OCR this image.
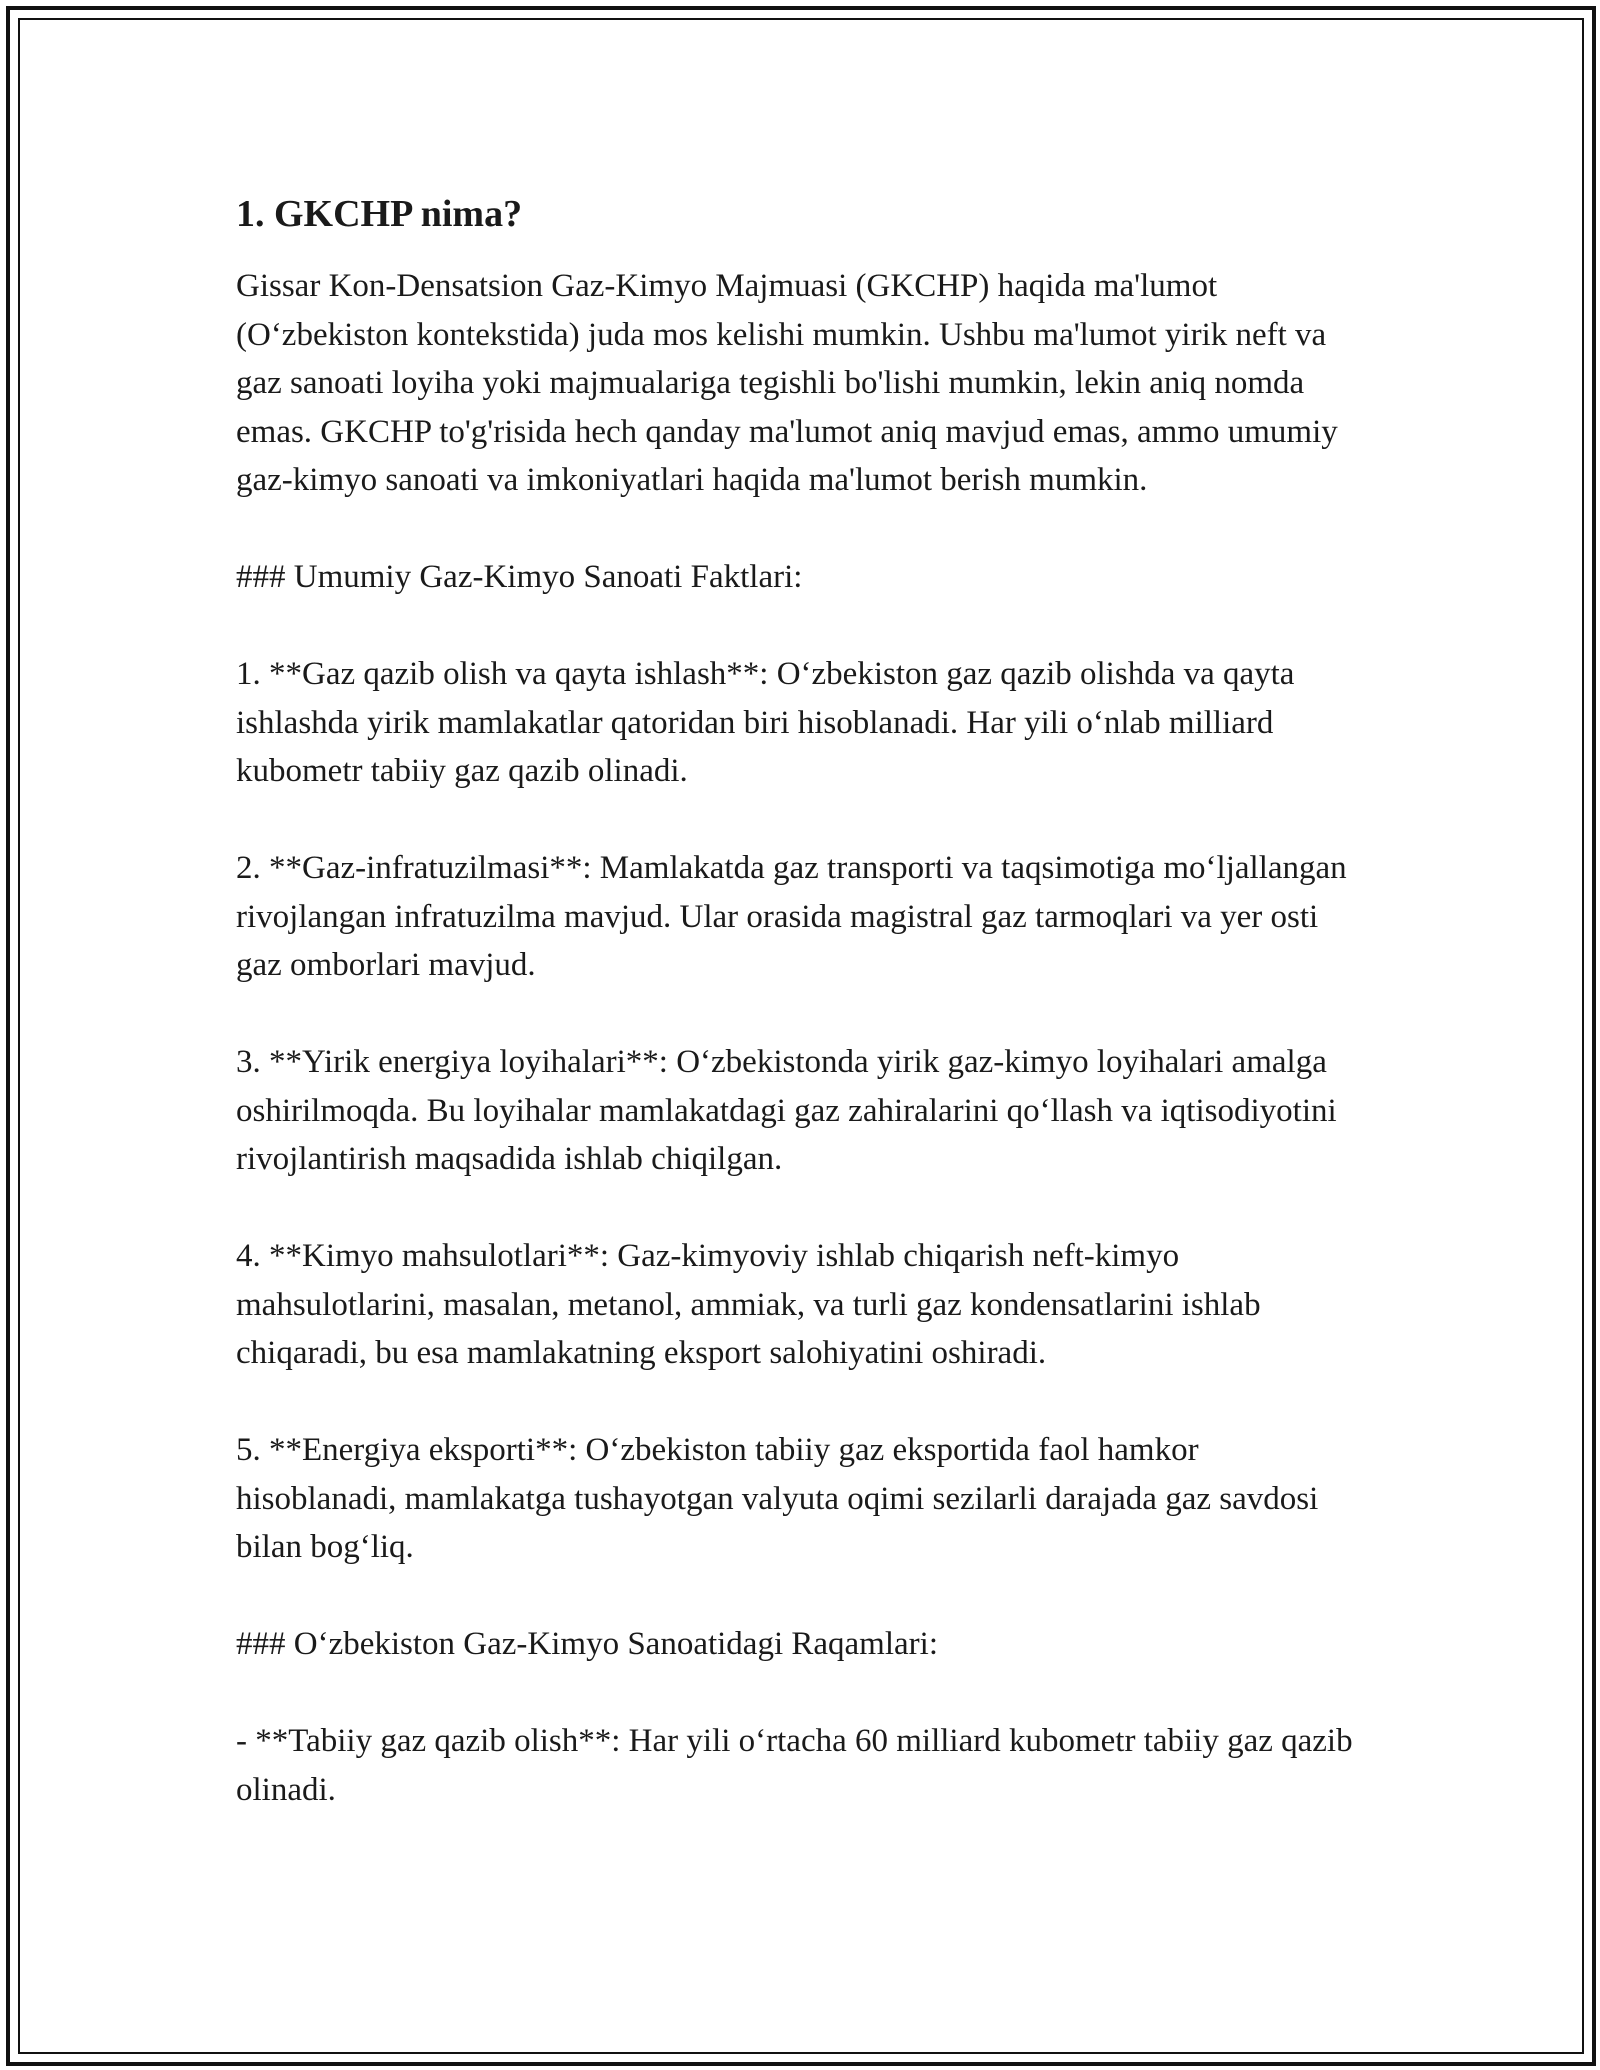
1. GKCHP nima?

Gissar Kon-Densatsion Gaz-Kimyo Majmuasi (GKCHP) haqida ma'lumot (O‘zbekiston kontekstida) juda mos kelishi mumkin. Ushbu ma'lumot yirik neft va gaz sanoati loyiha yoki majmualariga tegishli bo'lishi mumkin, lekin aniq nomda emas. GKCHP to'g'risida hech qanday ma'lumot aniq mavjud emas, ammo umumiy gaz-kimyo sanoati va imkoniyatlari haqida ma'lumot berish mumkin.

### Umumiy Gaz-Kimyo Sanoati Faktlari:

1. **Gaz qazib olish va qayta ishlash**: O‘zbekiston gaz qazib olishda va qayta ishlashda yirik mamlakatlar qatoridan biri hisoblanadi. Har yili o‘nlab milliard kubometr tabiiy gaz qazib olinadi.

2. **Gaz-infratuzilmasi**: Mamlakatda gaz transporti va taqsimotiga mo‘ljallangan rivojlangan infratuzilma mavjud. Ular orasida magistral gaz tarmoqlari va yer osti gaz omborlari mavjud.

3. **Yirik energiya loyihalari**: O‘zbekistonda yirik gaz-kimyo loyihalari amalga oshirilmoqda. Bu loyihalar mamlakatdagi gaz zahiralarini qo‘llash va iqtisodiyotini rivojlantirish maqsadida ishlab chiqilgan.

4. **Kimyo mahsulotlari**: Gaz-kimyoviy ishlab chiqarish neft-kimyo mahsulotlarini, masalan, metanol, ammiak, va turli gaz kondensatlarini ishlab chiqaradi, bu esa mamlakatning eksport salohiyatini oshiradi.

5. **Energiya eksporti**: O‘zbekiston tabiiy gaz eksportida faol hamkor hisoblanadi, mamlakatga tushayotgan valyuta oqimi sezilarli darajada gaz savdosi bilan bog‘liq.

### O‘zbekiston Gaz-Kimyo Sanoatidagi Raqamlari:

- **Tabiiy gaz qazib olish**: Har yili o‘rtacha 60 milliard kubometr tabiiy gaz qazib olinadi.
